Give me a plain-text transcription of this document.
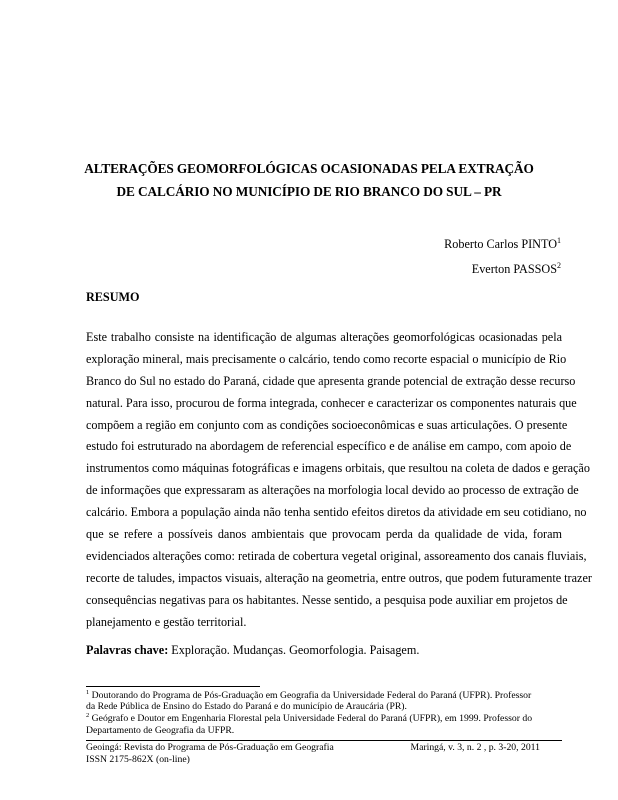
ALTERAÇÕES GEOMORFOLÓGICAS OCASIONADAS PELA EXTRAÇÃO
DE CALCÁRIO NO MUNICÍPIO DE RIO BRANCO DO SUL – PR
Roberto Carlos PINTO$^1$
Everton PASSOS$^2$
RESUMO
Este trabalho consiste na identificação de algumas alterações geomorfológicas ocasionadas pela
exploração mineral, mais precisamente o calcário, tendo como recorte espacial o município de Rio
Branco do Sul no estado do Paraná, cidade que apresenta grande potencial de extração desse recurso
natural. Para isso, procurou de forma integrada, conhecer e caracterizar os componentes naturais que
compõem a região em conjunto com as condições socioeconômicas e suas articulações. O presente
estudo foi estruturado na abordagem de referencial específico e de análise em campo, com apoio de
instrumentos como máquinas fotográficas e imagens orbitais, que resultou na coleta de dados e geração
de informações que expressaram as alterações na morfologia local devido ao processo de extração de
calcário. Embora a população ainda não tenha sentido efeitos diretos da atividade em seu cotidiano, no
que se refere a possíveis danos ambientais que provocam perda da qualidade de vida, foram
evidenciados alterações como: retirada de cobertura vegetal original, assoreamento dos canais fluviais,
recorte de taludes, impactos visuais, alteração na geometria, entre outros, que podem futuramente trazer
consequências negativas para os habitantes. Nesse sentido, a pesquisa pode auxiliar em projetos de
planejamento e gestão territorial.
Palavras chave: Exploração. Mudanças. Geomorfologia. Paisagem.
$^1$ Doutorando do Programa de Pós-Graduação em Geografia da Universidade Federal do Paraná (UFPR). Professor
da Rede Pública de Ensino do Estado do Paraná e do município de Araucária (PR).
$^2$ Geógrafo e Doutor em Engenharia Florestal pela Universidade Federal do Paraná (UFPR), em 1999. Professor do
Departamento de Geografia da UFPR.
Geoingá: Revista do Programa de Pós-Graduação em Geografia	Maringá, v. 3, n. 2 , p. 3-20, 2011
ISSN 2175-862X (on-line)
